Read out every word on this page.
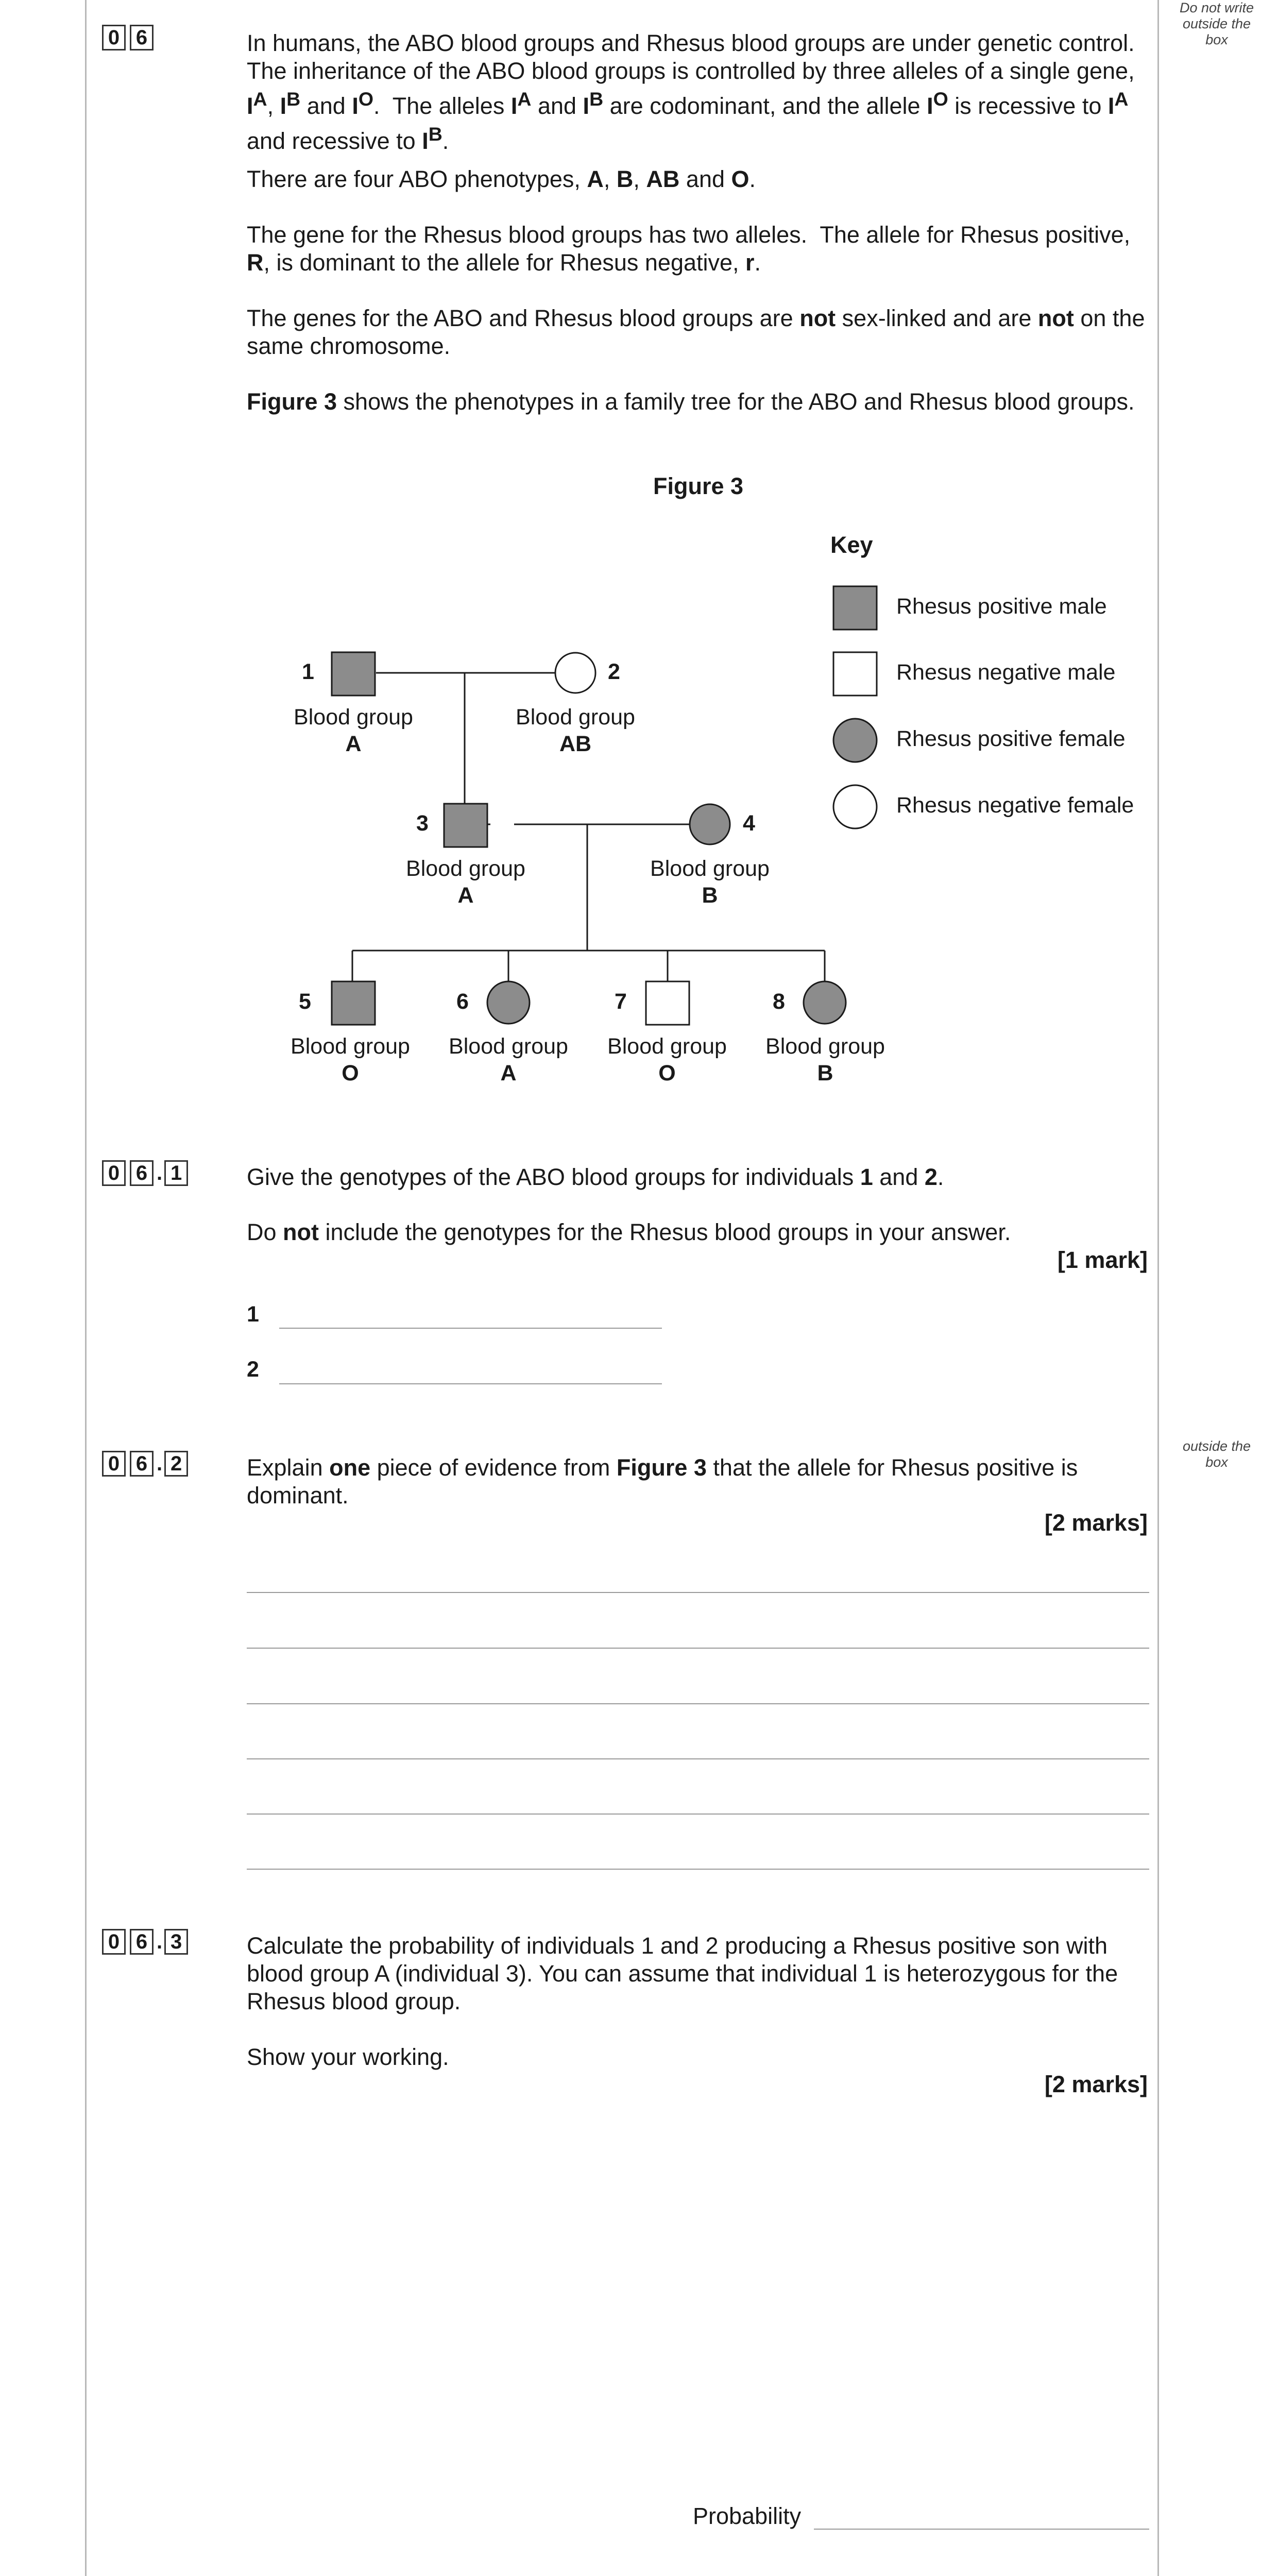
Do not write outside the box
outside the box
0 6	In humans, the ABO blood groups and Rhesus blood groups are under genetic control.  The inheritance of the ABO blood groups is controlled by three alleles of a single gene, $I^A$, $I^B$ and $I^O$.  The alleles $I^A$ and $I^B$ are codominant, and the allele $I^O$ is recessive to $I^A$ and recessive to $I^B$.
There are four ABO phenotypes, A, B, AB and O.
The gene for the Rhesus blood groups has two alleles.  The allele for Rhesus positive, R, is dominant to the allele for Rhesus negative, r.
The genes for the ABO and Rhesus blood groups are not sex-linked and are not on the same chromosome.
Figure 3 shows the phenotypes in a family tree for the ABO and Rhesus blood groups.
Figure 3
Key
Rhesus positive male
Rhesus negative male
Rhesus positive female
Rhesus negative female
1	2
3	4
5	6	7	8
Blood group
A
Blood group
AB
Blood group
A
Blood group
B
Blood group
O
Blood group
A
Blood group
O
Blood group
B
0 6 . 1	Give the genotypes of the ABO blood groups for individuals 1 and 2.
Do not include the genotypes for the Rhesus blood groups in your answer.
[1 mark]
1
2
0 6 . 2	Explain one piece of evidence from Figure 3 that the allele for Rhesus positive is dominant.
[2 marks]
0 6 . 3	Calculate the probability of individuals 1 and 2 producing a Rhesus positive son with blood group A (individual 3). You can assume that individual 1 is heterozygous for the Rhesus blood group.
Show your working.
[2 marks]
Probability
